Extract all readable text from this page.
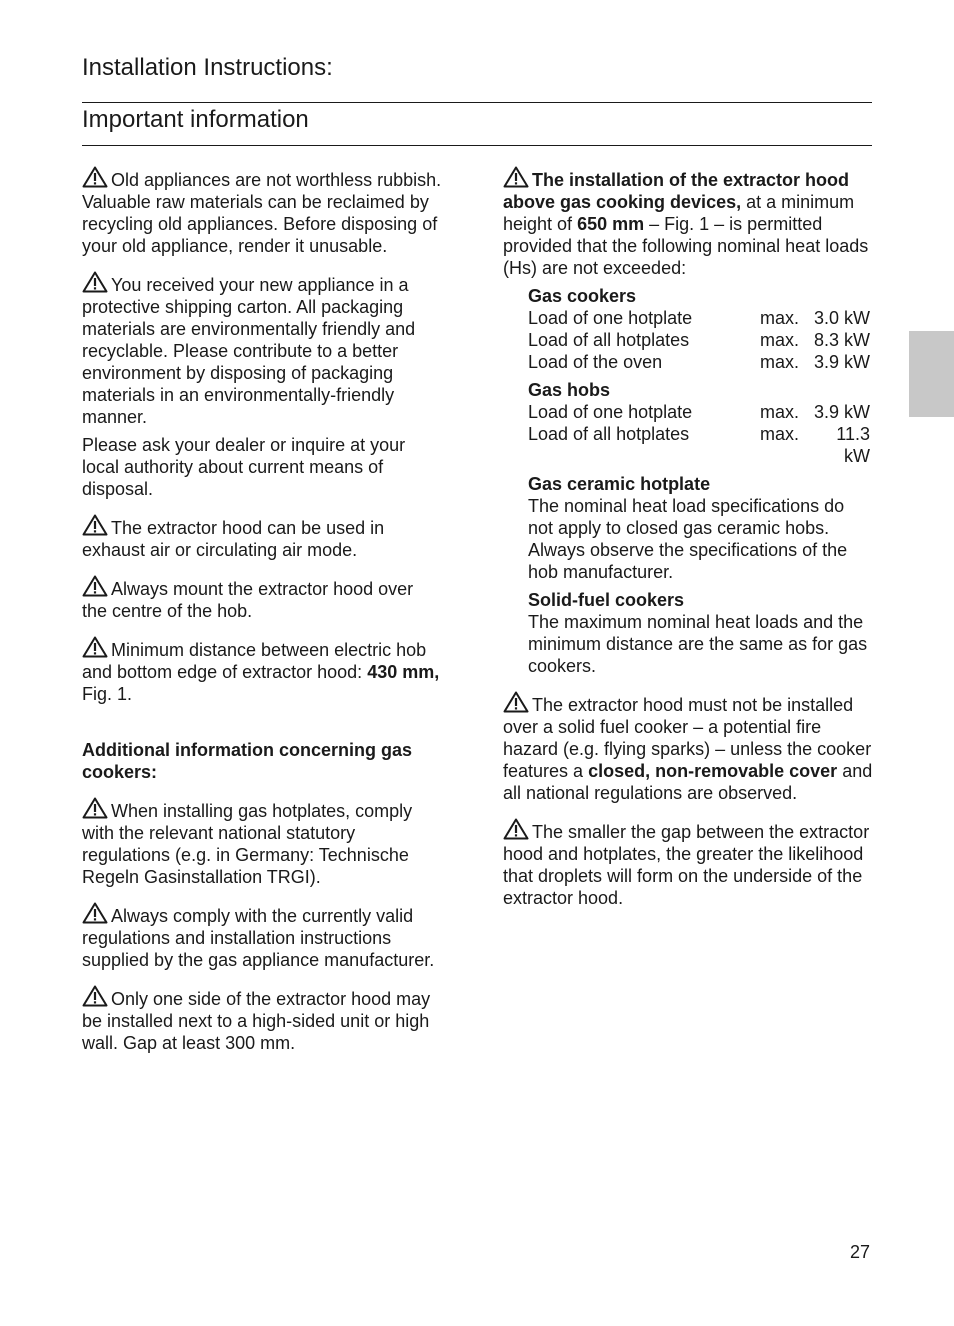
Installation Instructions:
Important information

Old appliances are not worthless rubbish. Valuable raw materials can be reclaimed by recycling old appliances. Before disposing of your old appliance, render it unusable.

You received your new appliance in a protective shipping carton. All packaging materials are environmentally friendly and recyclable. Please contribute to a better environment by disposing of packaging materials in an environmentally-friendly manner.

Please ask your dealer or inquire at your local authority about current means of disposal.

The extractor hood can be used in exhaust air or circulating air mode.

Always mount the extractor hood over the centre of the hob.

Minimum distance between electric hob and bottom edge of extractor hood: 430 mm, Fig. 1.

Additional information concerning gas cookers:

When installing gas hotplates, comply with the relevant national statutory regulations (e.g. in Germany: Technische Regeln Gasinstallation TRGI).

Always comply with the currently valid regulations and installation instructions supplied by the gas appliance manufacturer.

Only one side of the extractor hood may be installed next to a high-sided unit or high wall. Gap at least 300 mm.

The installation of the extractor hood above gas cooking devices, at a minimum height of 650 mm – Fig. 1 – is permitted provided that the following nominal heat loads (Hs) are not exceeded:

Gas cookers
Load of one hotplate	max. 3.0 kW
Load of all hotplates	max. 8.3 kW
Load of the oven	max. 3.9 kW
Gas hobs
Load of one hotplate	max. 3.9 kW
Load of all hotplates	max.	11.3 kW
Gas ceramic hotplate

The nominal heat load specifications do not apply to closed gas ceramic hobs. Always observe the specifications of the hob manufacturer.

Solid-fuel cookers

The maximum nominal heat loads and the minimum distance are the same as for gas cookers.

The extractor hood must not be installed over a solid fuel cooker – a potential fire hazard (e.g. flying sparks) – unless the cooker features a closed, non-removable cover and all national regulations are observed.

The smaller the gap between the extractor hood and hotplates, the greater the likelihood that droplets will form on the underside of the extractor hood.

27
